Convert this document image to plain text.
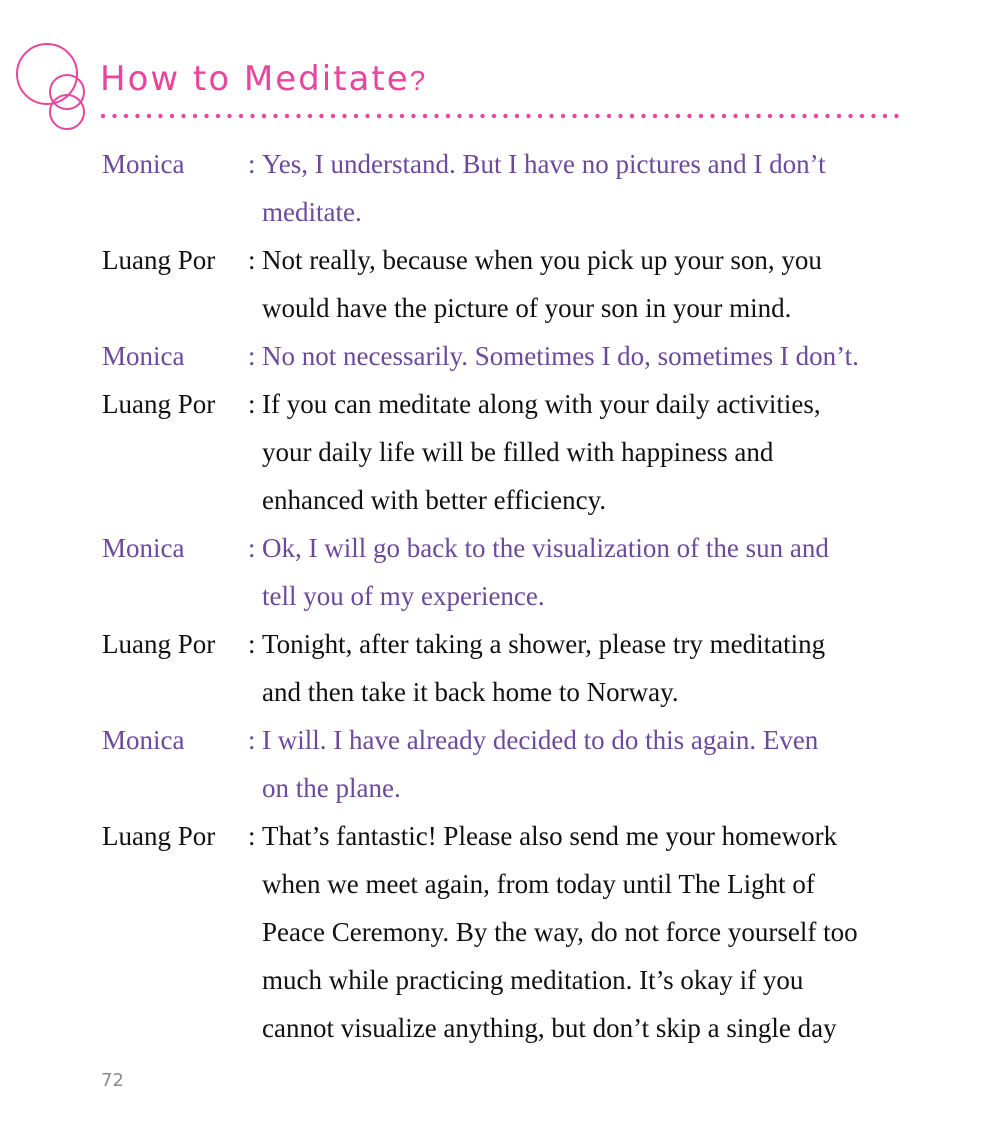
How to Meditate?
Monica	: Yes, I understand. But I have no pictures and I don’t
meditate.
Luang Por	: Not really, because when you pick up your son, you
would have the picture of your son in your mind.
Monica	: No not necessarily. Sometimes I do, sometimes I don’t.
Luang Por	: If you can meditate along with your daily activities,
your daily life will be filled with happiness and
enhanced with better efficiency.
Monica	: Ok, I will go back to the visualization of the sun and
tell you of my experience.
Luang Por	: Tonight, after taking a shower, please try meditating
and then take it back home to Norway.
Monica	: I will. I have already decided to do this again. Even
on the plane.
Luang Por	: That’s fantastic! Please also send me your homework
when we meet again, from today until The Light of
Peace Ceremony. By the way, do not force yourself too
much while practicing meditation. It’s okay if you
cannot visualize anything, but don’t skip a single day
72
